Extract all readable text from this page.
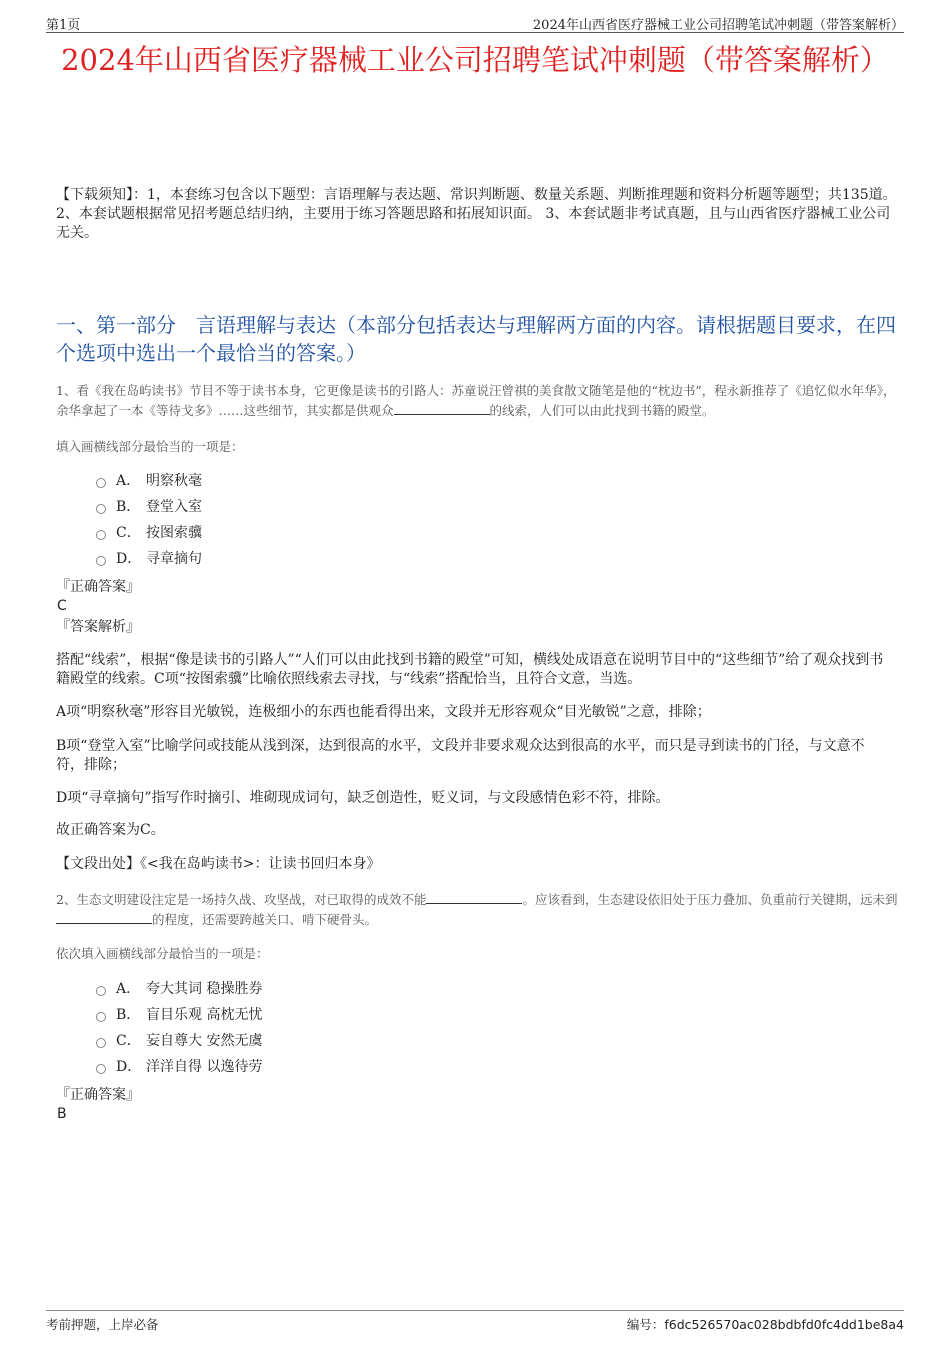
第1页	2024年山西省医疗器械工业公司招聘笔试冲刺题（带答案解析）
2024年山西省医疗器械工业公司招聘笔试冲刺题（带答案解析）
【下载须知】：1，本套练习包含以下题型：言语理解与表达题、常识判断题、数量关系题、判断推理题和资料分析题等题型；共135道。 2、本套试题根据常见招考题总结归纳，主要用于练习答题思路和拓展知识面。 3、本套试题非考试真题，且与山西省医疗器械工业公司无关。
一、第一部分　言语理解与表达（本部分包括表达与理解两方面的内容。请根据题目要求，在四个选项中选出一个最恰当的答案。）
1、看《我在岛屿读书》节目不等于读书本身，它更像是读书的引路人：苏童说汪曾祺的美食散文随笔是他的“枕边书”，程永新推荐了《追忆似水年华》，余华拿起了一本《等待戈多》……这些细节，其实都是供观众	的线索，人们可以由此找到书籍的殿堂。
填入画横线部分最恰当的一项是：
A． 明察秋毫
B． 登堂入室
C． 按图索骥
D． 寻章摘句
『正确答案』
C
『答案解析』
搭配“线索”，根据“像是读书的引路人”“人们可以由此找到书籍的殿堂”可知，横线处成语意在说明节目中的“这些细节”给了观众找到书籍殿堂的线索。C项“按图索骥”比喻依照线索去寻找，与“线索”搭配恰当，且符合文意，当选。
A项“明察秋毫”形容目光敏锐，连极细小的东西也能看得出来，文段并无形容观众“目光敏锐”之意，排除；
B项“登堂入室”比喻学问或技能从浅到深，达到很高的水平，文段并非要求观众达到很高的水平，而只是寻到读书的门径，与文意不符，排除；
D项“寻章摘句”指写作时摘引、堆砌现成词句，缺乏创造性，贬义词，与文段感情色彩不符，排除。
故正确答案为C。
【文段出处】《<我在岛屿读书>：让读书回归本身》
2、生态文明建设注定是一场持久战、攻坚战，对已取得的成效不能	。应该看到，生态建设依旧处于压力叠加、负重前行关键期，远未到的程度，还需要跨越关口、啃下硬骨头。
依次填入画横线部分最恰当的一项是：
A． 夸大其词 稳操胜券
B． 盲目乐观 高枕无忧
C． 妄自尊大 安然无虞
D． 洋洋自得 以逸待劳
『正确答案』
B
考前押题，上岸必备	编号：f6dc526570ac028bdbfd0fc4dd1be8a4
